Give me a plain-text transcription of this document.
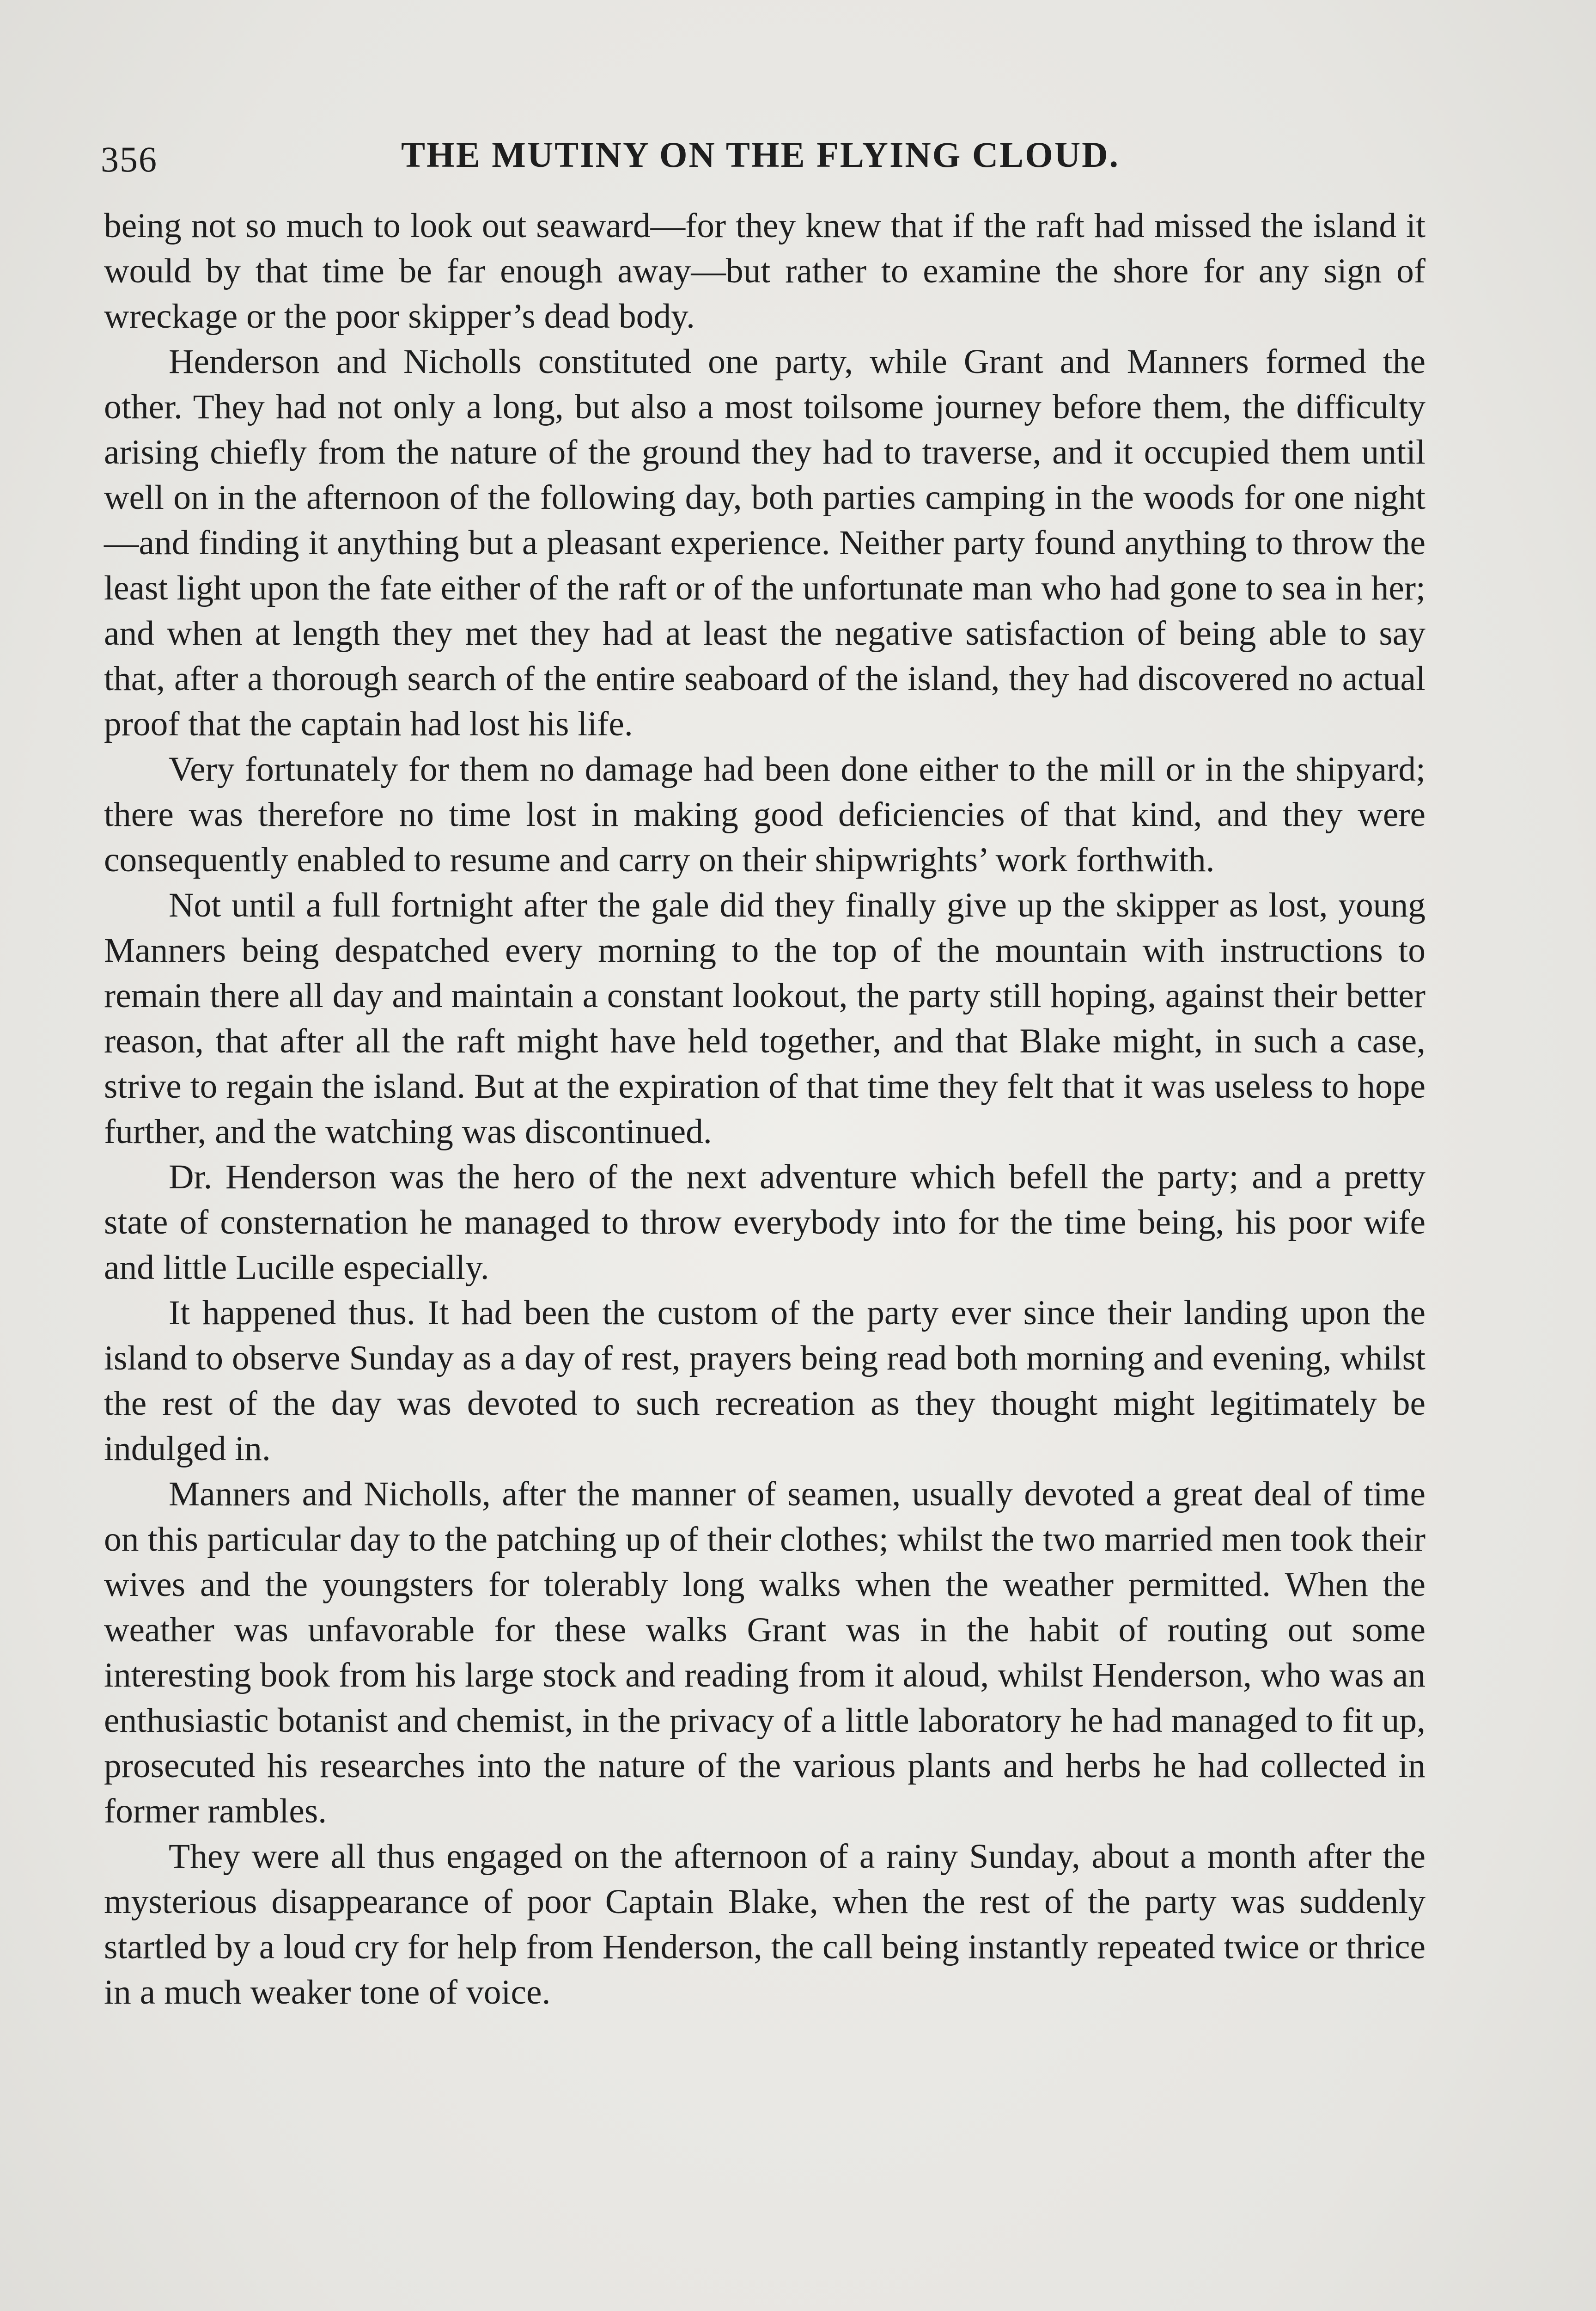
356	THE MUTINY ON THE FLYING CLOUD.

being not so much to look out seaward—for they knew that if the raft had missed the island it would by that time be far enough away—but rather to examine the shore for any sign of wreckage or the poor skipper’s dead body.

Henderson and Nicholls constituted one party, while Grant and Manners formed the other. They had not only a long, but also a most toilsome journey before them, the difficulty arising chiefly from the nature of the ground they had to traverse, and it occupied them until well on in the afternoon of the following day, both parties camping in the woods for one night—and finding it anything but a pleasant experience. Neither party found anything to throw the least light upon the fate either of the raft or of the unfortunate man who had gone to sea in her; and when at length they met they had at least the negative satisfaction of being able to say that, after a thorough search of the entire seaboard of the island, they had discovered no actual proof that the captain had lost his life.

Very fortunately for them no damage had been done either to the mill or in the shipyard; there was therefore no time lost in making good deficiencies of that kind, and they were consequently enabled to resume and carry on their shipwrights’ work forthwith.

Not until a full fortnight after the gale did they finally give up the skipper as lost, young Manners being despatched every morning to the top of the mountain with instructions to remain there all day and maintain a constant lookout, the party still hoping, against their better reason, that after all the raft might have held together, and that Blake might, in such a case, strive to regain the island. But at the expiration of that time they felt that it was useless to hope further, and the watching was discontinued.

Dr. Henderson was the hero of the next adventure which befell the party; and a pretty state of consternation he managed to throw everybody into for the time being, his poor wife and little Lucille especially.

It happened thus. It had been the custom of the party ever since their landing upon the island to observe Sunday as a day of rest, prayers being read both morning and evening, whilst the rest of the day was devoted to such recreation as they thought might legitimately be indulged in.

Manners and Nicholls, after the manner of seamen, usually devoted a great deal of time on this particular day to the patching up of their clothes; whilst the two married men took their wives and the youngsters for tolerably long walks when the weather permitted. When the weather was unfavorable for these walks Grant was in the habit of routing out some interesting book from his large stock and reading from it aloud, whilst Henderson, who was an enthusiastic botanist and chemist, in the privacy of a little laboratory he had managed to fit up, prosecuted his researches into the nature of the various plants and herbs he had collected in former rambles.

They were all thus engaged on the afternoon of a rainy Sunday, about a month after the mysterious disappearance of poor Captain Blake, when the rest of the party was suddenly startled by a loud cry for help from Henderson, the call being instantly repeated twice or thrice in a much weaker tone of voice.
